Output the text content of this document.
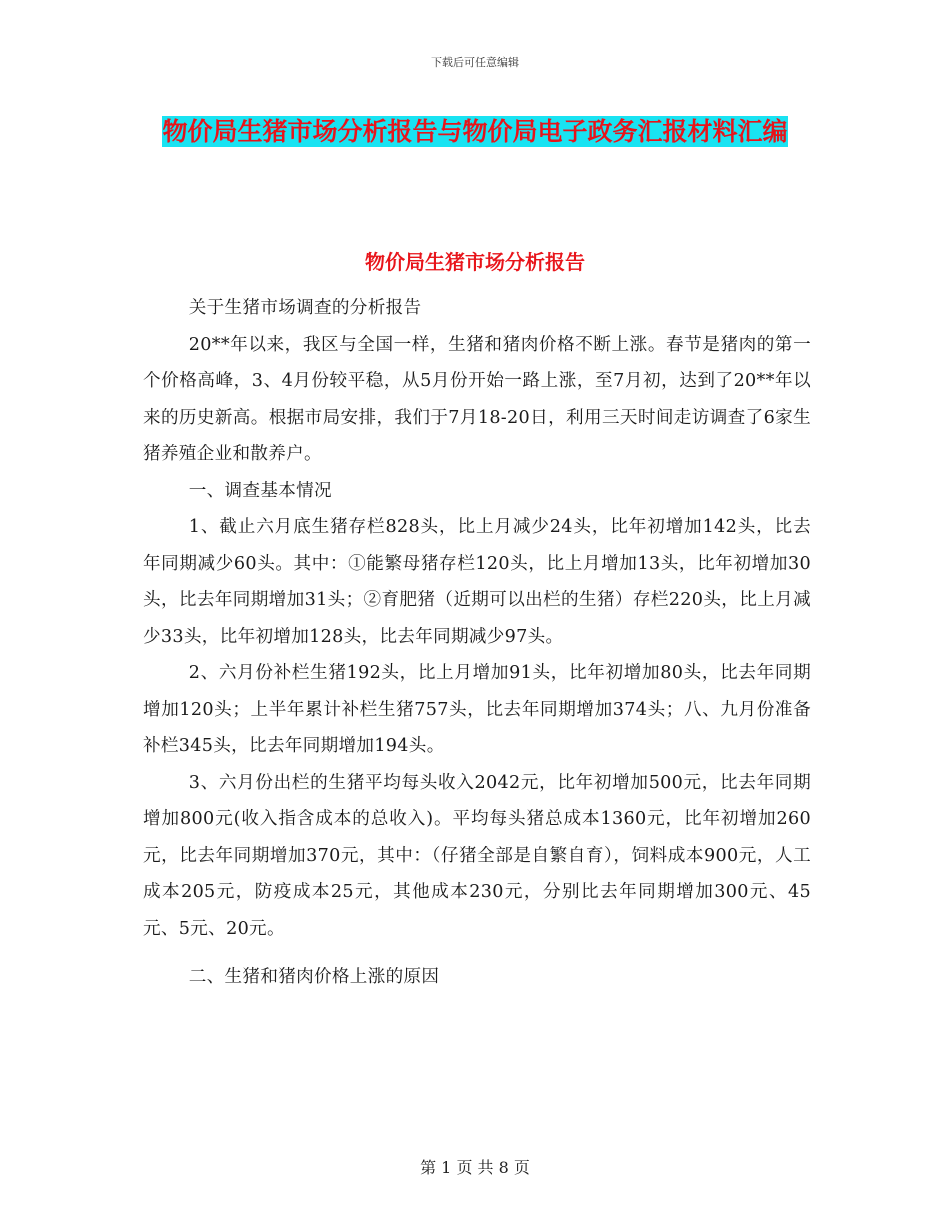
下载后可任意编辑
物价局生猪市场分析报告与物价局电子政务汇报材料汇编
物价局生猪市场分析报告

关于生猪市场调查的分析报告

20**年以来，我区与全国一样，生猪和猪肉价格不断上涨。春节是猪肉的第一个价格高峰，3、4月份较平稳，从5月份开始一路上涨，至7月初，达到了20**年以来的历史新高。根据市局安排，我们于7月18-20日，利用三天时间走访调查了6家生猪养殖企业和散养户。

一、调查基本情况

1、截止六月底生猪存栏828头，比上月减少24头，比年初增加142头，比去年同期减少60头。其中：①能繁母猪存栏120头，比上月增加13头，比年初增加30头，比去年同期增加31头；②育肥猪（近期可以出栏的生猪）存栏220头，比上月减少33头，比年初增加128头，比去年同期减少97头。

2、六月份补栏生猪192头，比上月增加91头，比年初增加80头，比去年同期增加120头；上半年累计补栏生猪757头，比去年同期增加374头；八、九月份准备补栏345头，比去年同期增加194头。

3、六月份出栏的生猪平均每头收入2042元，比年初增加500元，比去年同期增加800元(收入指含成本的总收入)。平均每头猪总成本1360元，比年初增加260元，比去年同期增加370元，其中：（仔猪全部是自繁自育），饲料成本900元，人工成本205元，防疫成本25元，其他成本230元，分别比去年同期增加300元、45元、5元、20元。

二、生猪和猪肉价格上涨的原因

第 1 页 共 8 页
